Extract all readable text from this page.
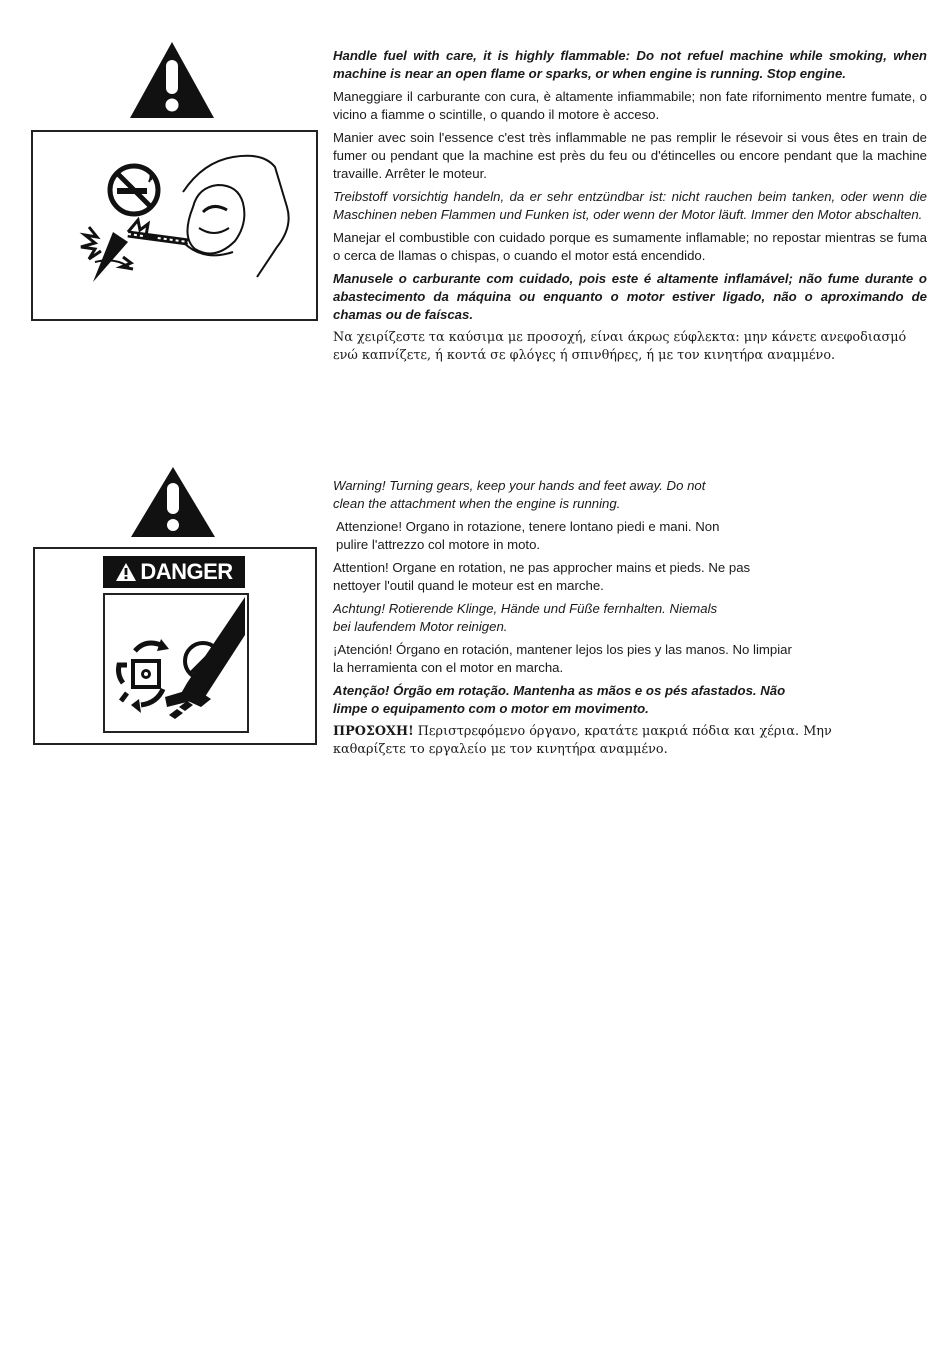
Handle fuel with care, it is highly flammable: Do not refuel machine while smoking, when machine is near an open flame or sparks, or when engine is running. Stop engine.

Maneggiare il carburante con cura, è altamente infiammabile; non fate rifornimento mentre fumate, o vicino a fiamme o scintille, o quando il motore è acceso.

Manier avec soin l'essence c'est très inflammable ne pas remplir le résevoir si vous êtes en train de fumer ou pendant que la machine est près du feu ou d'étincelles ou encore pendant que la machine travaille. Arrêter le moteur.

Treibstoff vorsichtig handeln, da er sehr entzündbar ist: nicht rauchen beim tanken, oder wenn die Maschinen neben Flammen und Funken ist, oder wenn der Motor läuft. Immer den Motor abschalten.

Manejar el combustible con cuidado porque es sumamente inflamable; no repostar mientras se fuma o cerca de llamas o chispas, o cuando el motor está encendido.

Manusele o carburante com cuidado, pois este é altamente inflamável; não fume durante o abastecimento da máquina ou enquanto o motor estiver ligado, não o aproximando de chamas ou de faíscas.

Να χειρίζεστε τα καύσιμα με προσοχή, είναι άκρως εύφλεκτα: μην κάνετε ανεφοδιασμό ενώ καπνίζετε, ή κοντά σε φλόγες ή σπινθήρες, ή με τον κινητήρα αναμμένο.

DANGER

Warning! Turning gears, keep your hands and feet away. Do not clean the attachment when the engine is running.

Attenzione! Organo in rotazione, tenere lontano piedi e mani. Non pulire l'attrezzo col motore in moto.

Attention! Organe en rotation, ne pas approcher mains et pieds. Ne pas nettoyer l'outil quand le moteur est en marche.

Achtung! Rotierende Klinge, Hände und Füße fernhalten. Niemals bei laufendem Motor reinigen.

¡Atención! Órgano en rotación, mantener lejos los pies y las manos. No limpiar la herramienta con el motor en marcha.

Atenção! Órgão em rotação. Mantenha as mãos e os pés afastados. Não limpe o equipamento com o motor em movimento.

ΠΡΟΣΟΧΗ! Περιστρεφόμενο όργανο, κρατάτε μακριά πόδια και χέρια. Μην καθαρίζετε το εργαλείο με τον κινητήρα αναμμένο.
